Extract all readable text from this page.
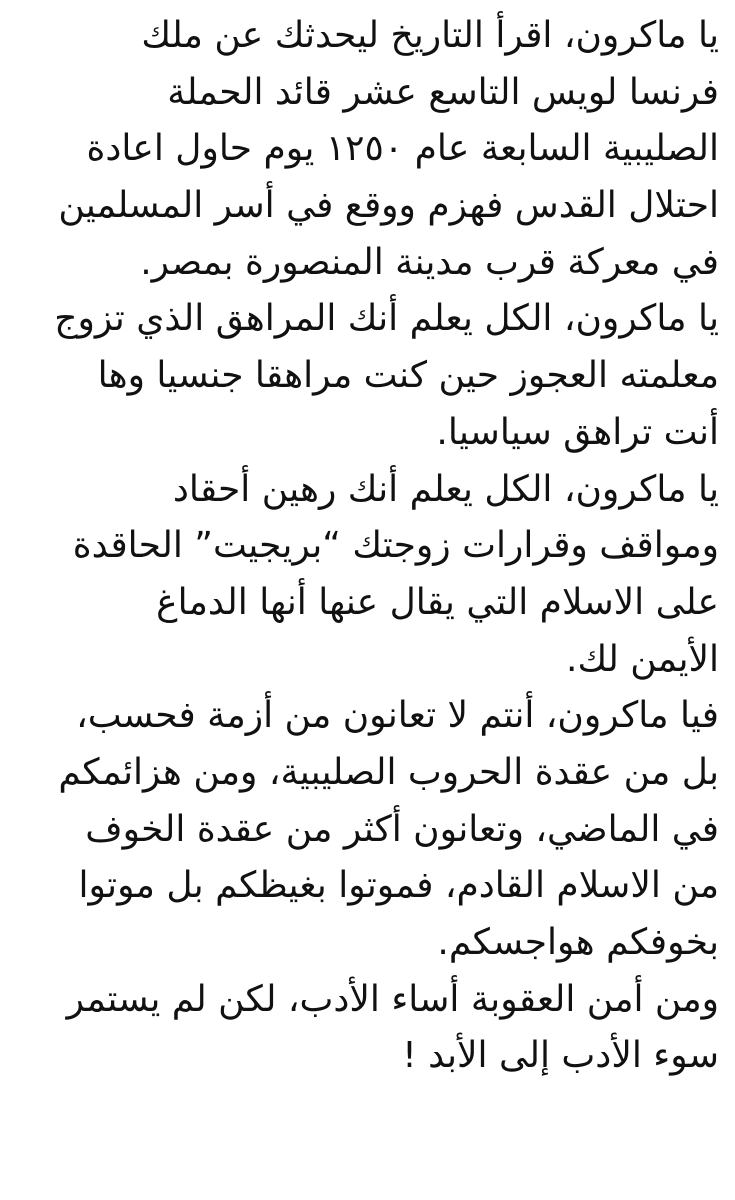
يا ماكرون، اقرأ التاريخ ليحدثك عن ملك
فرنسا لويس التاسع عشر قائد الحملة
الصليبية السابعة عام ١٢٥٠ يوم حاول اعادة
احتلال القدس فهزم ووقع في أسر المسلمين
في معركة قرب مدينة المنصورة بمصر.
يا ماكرون، الكل يعلم أنك المراهق الذي تزوج
معلمته العجوز حين كنت مراهقا جنسيا وها
أنت تراهق سياسيا.
يا ماكرون، الكل يعلم أنك رهين أحقاد
ومواقف وقرارات زوجتك “بريجيت” الحاقدة
على الاسلام التي يقال عنها أنها الدماغ
الأيمن لك.
فيا ماكرون، أنتم لا تعانون من أزمة فحسب،
بل من عقدة الحروب الصليبية، ومن هزائمكم
في الماضي، وتعانون أكثر من عقدة الخوف
من الاسلام القادم، فموتوا بغيظكم بل موتوا
بخوفكم هواجسكم.
ومن أمن العقوبة أساء الأدب، لكن لم يستمر
سوء الأدب إلى الأبد !
